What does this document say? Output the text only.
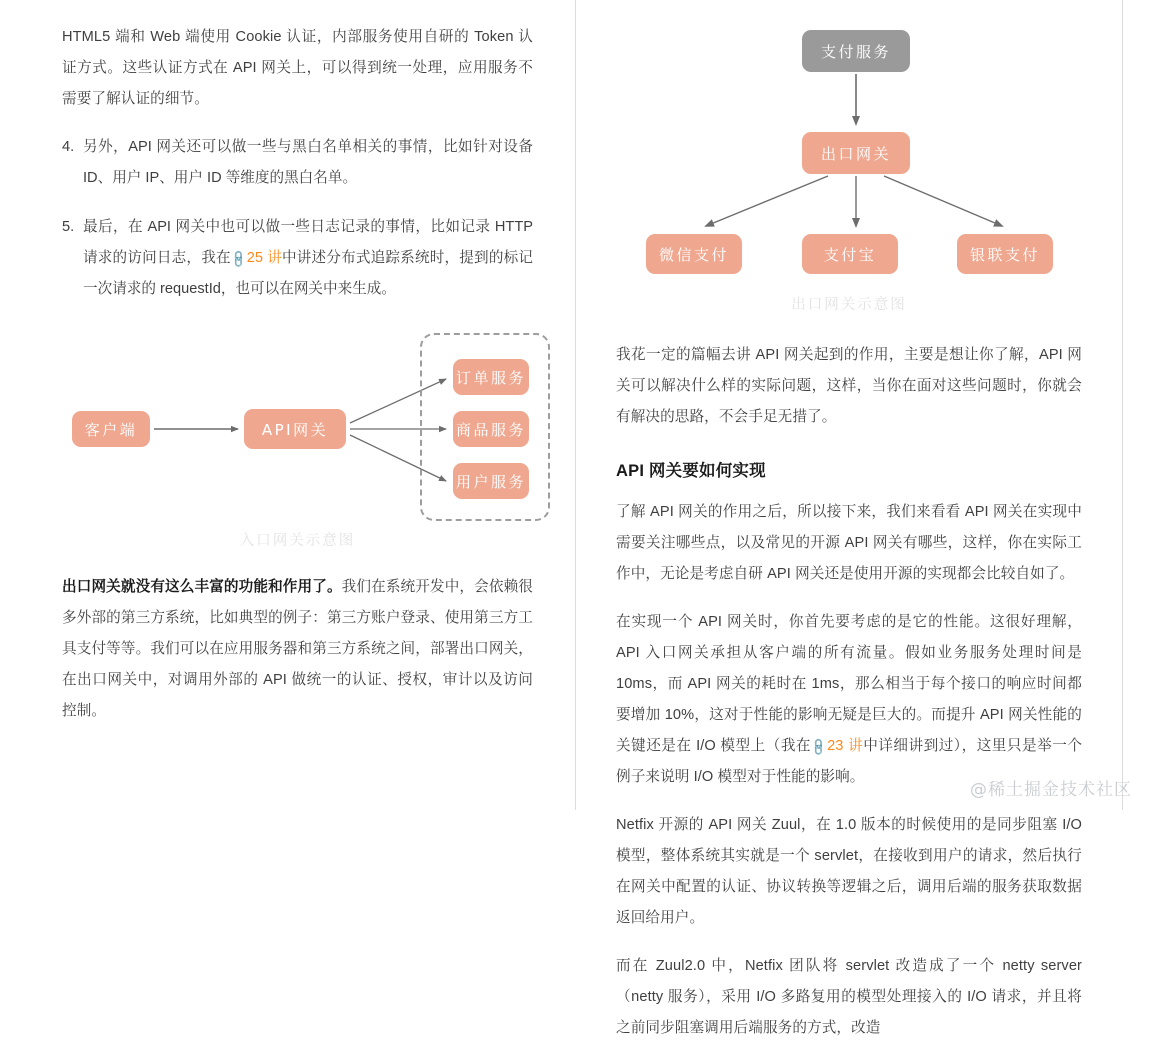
HTML5 端和 Web 端使用 Cookie 认证，内部服务使用自研的 Token 认证方式。这些认证方式在 API 网关上，可以得到统一处理，应用服务不需要了解认证的细节。

4. 另外，API 网关还可以做一些与黑白名单相关的事情，比如针对设备 ID、用户 IP、用户 ID 等维度的黑白名单。
5. 最后，在 API 网关中也可以做一些日志记录的事情，比如记录 HTTP 请求的访问日志，我在🔗25 讲中讲述分布式追踪系统时，提到的标记一次请求的 requestId，也可以在网关中来生成。
客户端	API网关
订单服务
商品服务
用户服务
入口网关示意图

出口网关就没有这么丰富的功能和作用了。我们在系统开发中，会依赖很多外部的第三方系统，比如典型的例子：第三方账户登录、使用第三方工具支付等等。我们可以在应用服务器和第三方系统之间，部署出口网关，在出口网关中，对调用外部的 API 做统一的认证、授权，审计以及访问控制。

支付服务
出口网关
微信支付	支付宝	银联支付
出口网关示意图

我花一定的篇幅去讲 API 网关起到的作用，主要是想让你了解，API 网关可以解决什么样的实际问题，这样，当你在面对这些问题时，你就会有解决的思路，不会手足无措了。

API 网关要如何实现

了解 API 网关的作用之后，所以接下来，我们来看看 API 网关在实现中需要关注哪些点，以及常见的开源 API 网关有哪些，这样，你在实际工作中，无论是考虑自研 API 网关还是使用开源的实现都会比较自如了。

在实现一个 API 网关时，你首先要考虑的是它的性能。这很好理解，API 入口网关承担从客户端的所有流量。假如业务服务处理时间是 10ms，而 API 网关的耗时在 1ms，那么相当于每个接口的响应时间都要增加 10%，这对于性能的影响无疑是巨大的。而提升 API 网关性能的关键还是在 I/O 模型上（我在🔗23 讲中详细讲到过），这里只是举一个例子来说明 I/O 模型对于性能的影响。

Netfix 开源的 API 网关 Zuul，在 1.0 版本的时候使用的是同步阻塞 I/O 模型，整体系统其实就是一个 servlet，在接收到用户的请求，然后执行在网关中配置的认证、协议转换等逻辑之后，调用后端的服务获取数据返回给用户。

而在 Zuul2.0 中，Netfix 团队将 servlet 改造成了一个 netty server（netty 服务），采用 I/O 多路复用的模型处理接入的 I/O 请求，并且将之前同步阻塞调用后端服务的方式，改造

@稀土掘金技术社区
